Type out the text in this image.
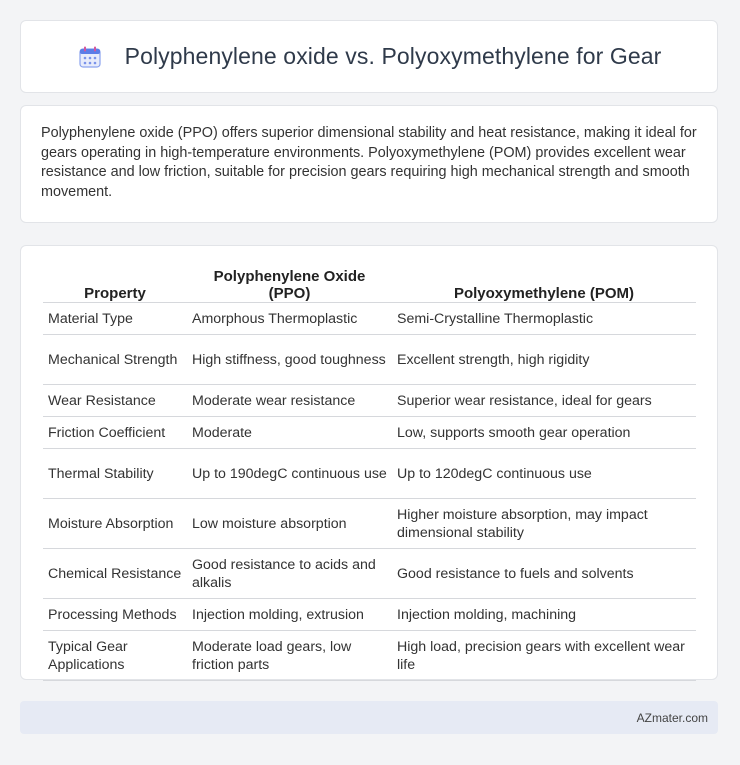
Polyphenylene oxide vs. Polyoxymethylene for Gear

Polyphenylene oxide (PPO) offers superior dimensional stability and heat resistance, making it ideal for gears operating in high-temperature environments. Polyoxymethylene (POM) provides excellent wear resistance and low friction, suitable for precision gears requiring high mechanical strength and smooth movement.

Property	Polyphenylene Oxide (PPO)	Polyoxymethylene (POM)
Material Type	Amorphous Thermoplastic	Semi-Crystalline Thermoplastic
Mechanical Strength	High stiffness, good toughness	Excellent strength, high rigidity
Wear Resistance	Moderate wear resistance	Superior wear resistance, ideal for gears
Friction Coefficient	Moderate	Low, supports smooth gear operation
Thermal Stability	Up to 190degC continuous use	Up to 120degC continuous use
Moisture Absorption	Low moisture absorption	Higher moisture absorption, may impact dimensional stability
Chemical Resistance	Good resistance to acids and alkalis	Good resistance to fuels and solvents
Processing Methods	Injection molding, extrusion	Injection molding, machining
Typical Gear Applications	Moderate load gears, low friction parts	High load, precision gears with excellent wear life
AZmater.com
